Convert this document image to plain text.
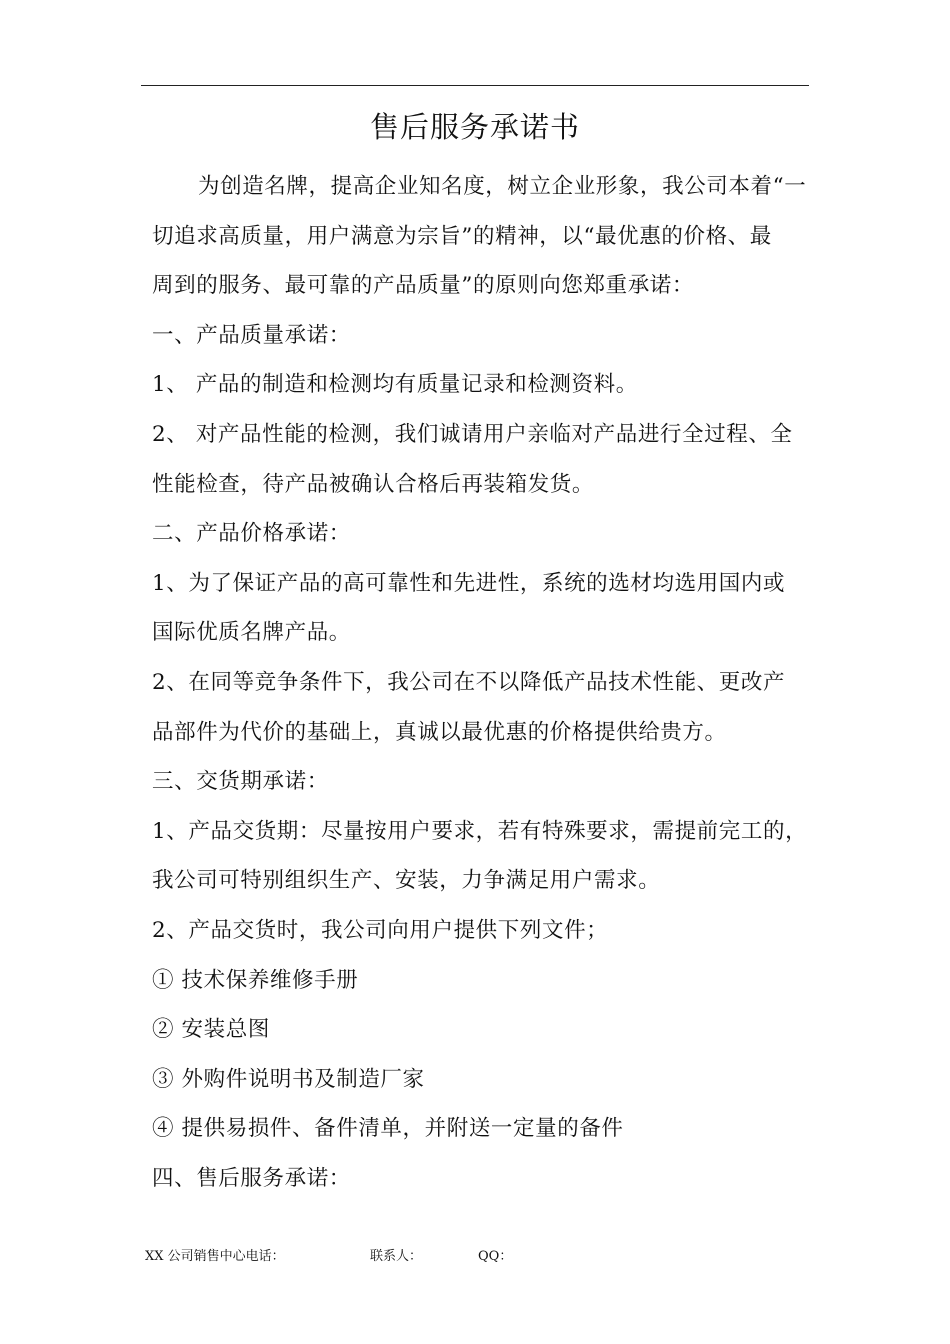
售后服务承诺书
为创造名牌，提高企业知名度，树立企业形象，我公司本着“一
切追求高质量，用户满意为宗旨”的精神，以“最优惠的价格、最
周到的服务、最可靠的产品质量”的原则向您郑重承诺：
一、产品质量承诺：
1、 产品的制造和检测均有质量记录和检测资料。
2、 对产品性能的检测，我们诚请用户亲临对产品进行全过程、全
性能检查，待产品被确认合格后再装箱发货。
二、产品价格承诺：
1、为了保证产品的高可靠性和先进性，系统的选材均选用国内或
国际优质名牌产品。
2、在同等竞争条件下，我公司在不以降低产品技术性能、更改产
品部件为代价的基础上，真诚以最优惠的价格提供给贵方。
三、交货期承诺：
1、产品交货期：尽量按用户要求，若有特殊要求，需提前完工的，
我公司可特别组织生产、安装，力争满足用户需求。
2、产品交货时，我公司向用户提供下列文件；
① 技术保养维修手册
② 安装总图
③ 外购件说明书及制造厂家
④ 提供易损件、备件清单，并附送一定量的备件
四、售后服务承诺：
XX 公司销售中心电话：	联系人：	QQ：
